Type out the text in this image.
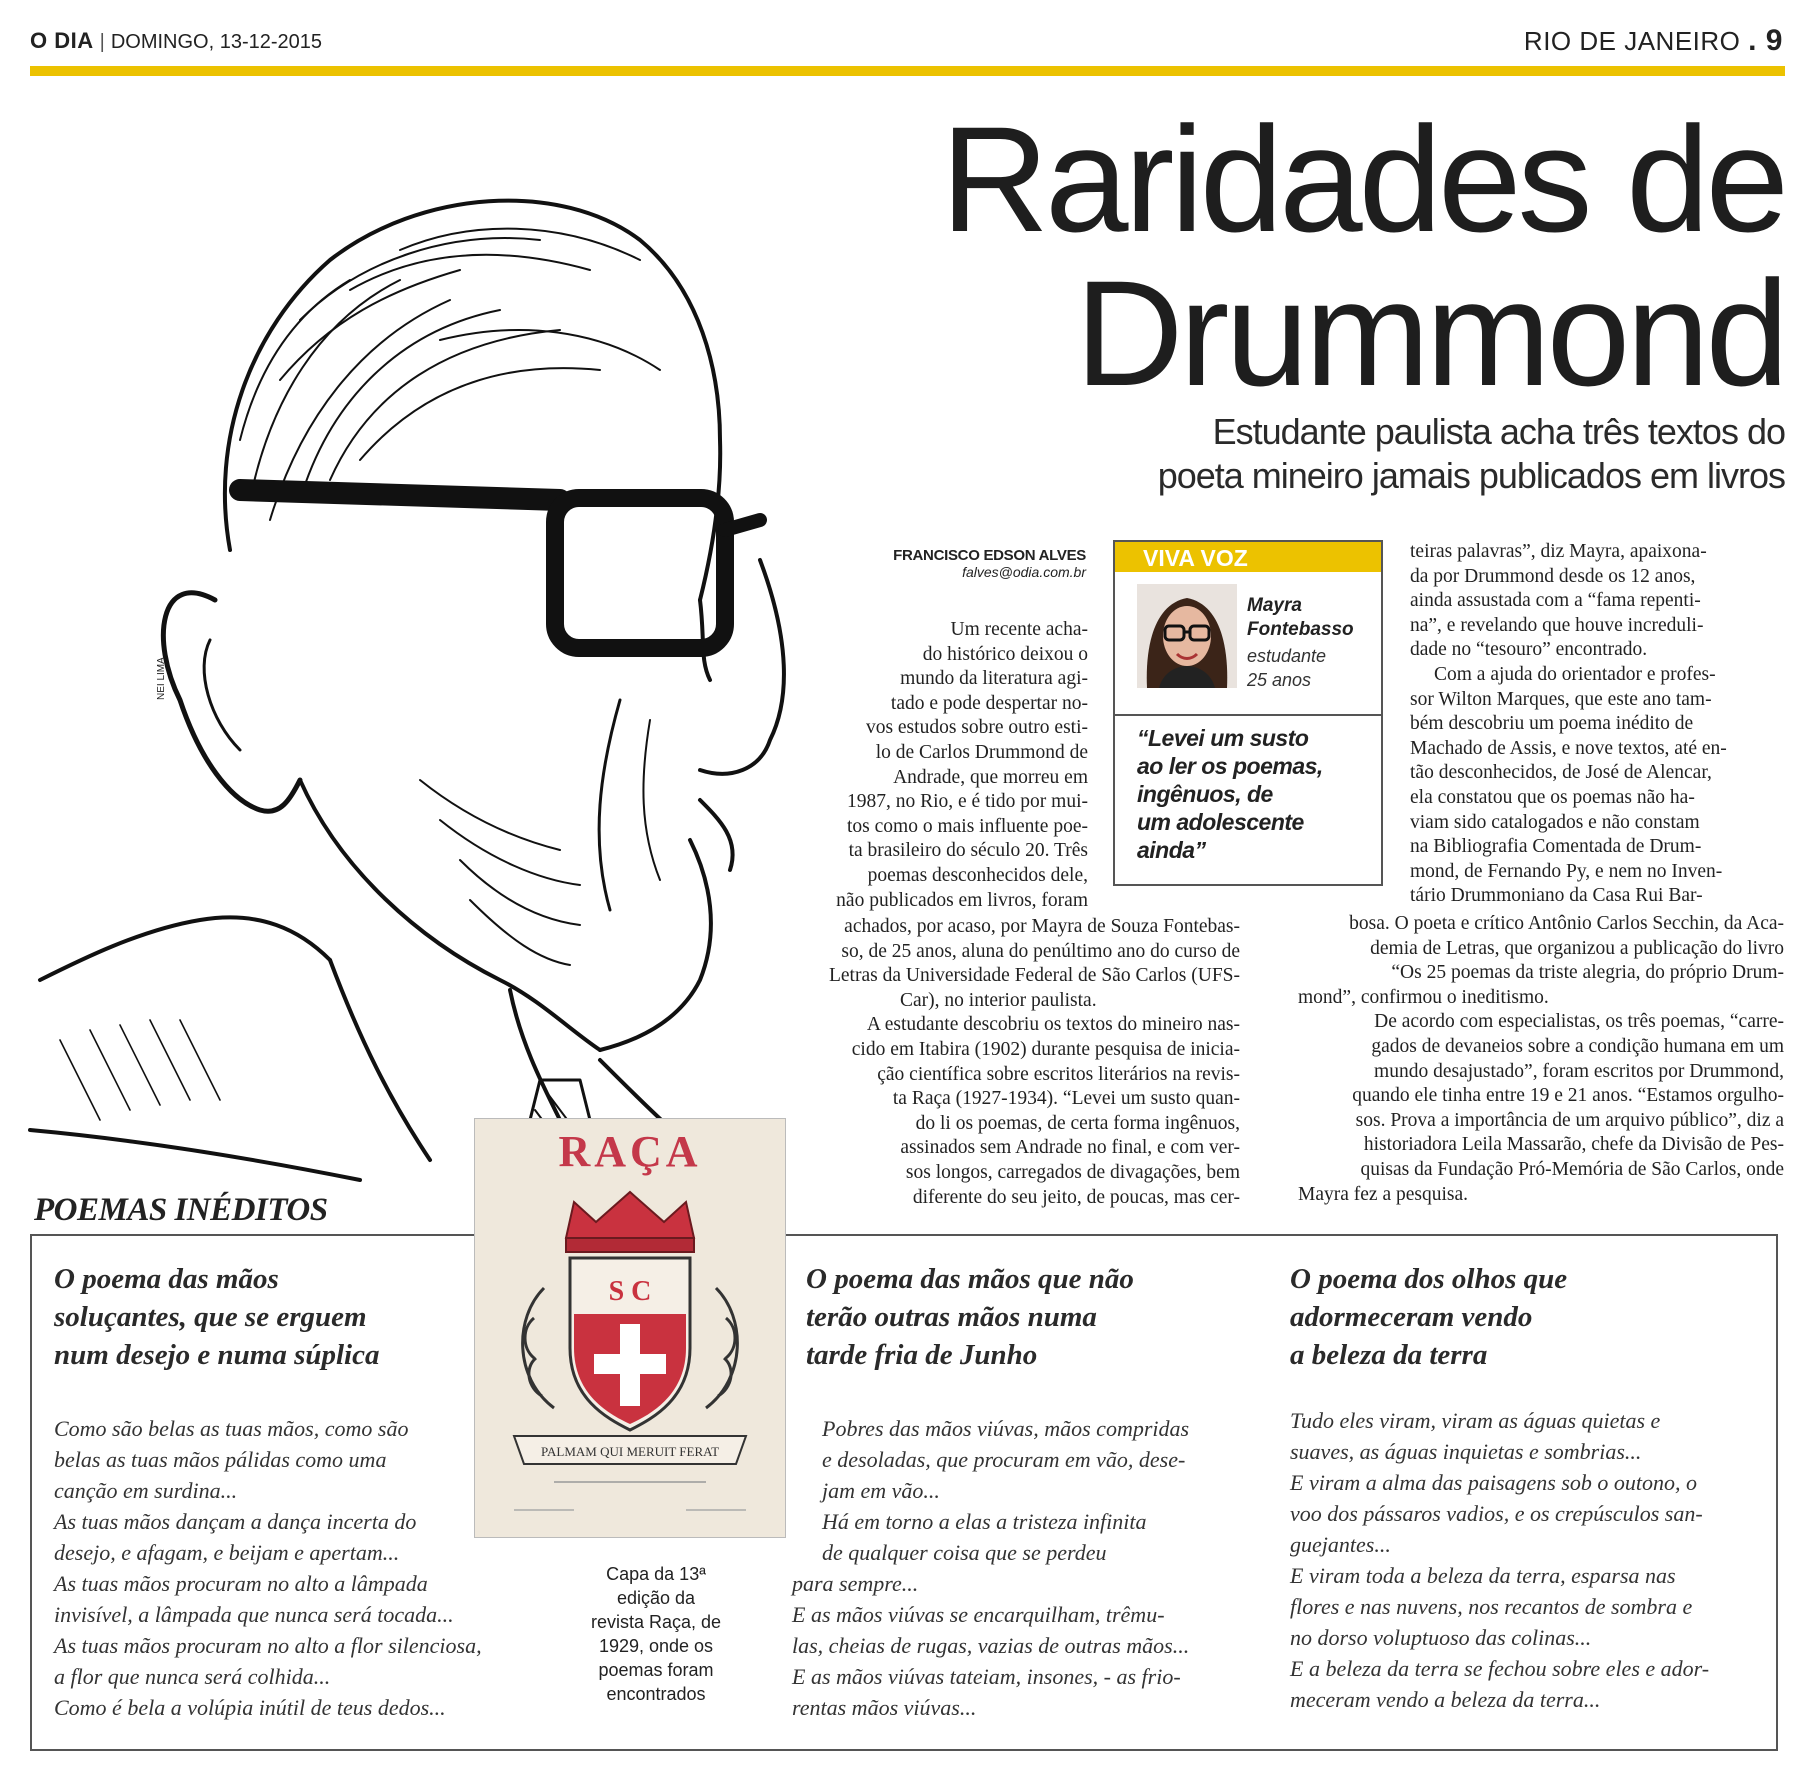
O DIA | DOMINGO, 13-12-2015	RIO DE JANEIRO . 9
NEI LIMA
Raridades de
Drummond
Estudante paulista acha três textos do
poeta mineiro jamais publicados em livros
FRANCISCO EDSON ALVES
falves@odia.com.br
VIVA VOZ
Mayra
Fontebasso
estudante
25 anos
“Levei um susto
ao ler os poemas,
ingênuos, de
um adolescente
ainda”
Um recente acha-
do histórico deixou o
mundo da literatura agi-
tado e pode despertar no-
vos estudos sobre outro esti-
lo de Carlos Drummond de
Andrade, que morreu em
1987, no Rio, e é tido por mui-
tos como o mais influente poe-
ta brasileiro do século 20. Três
poemas desconhecidos dele,
não publicados em livros, foram
achados, por acaso, por Mayra de Souza Fontebas-
so, de 25 anos, aluna do penúltimo ano do curso de
Letras da Universidade Federal de São Carlos (UFS-
Car), no interior paulista.
A estudante descobriu os textos do mineiro nas-
cido em Itabira (1902) durante pesquisa de inicia-
ção científica sobre escritos literários na revis-
ta Raça (1927-1934). “Levei um susto quan-
do li os poemas, de certa forma ingênuos,
assinados sem Andrade no final, e com ver-
sos longos, carregados de divagações, bem
diferente do seu jeito, de poucas, mas cer-
teiras palavras”, diz Mayra, apaixona-
da por Drummond desde os 12 anos,
ainda assustada com a “fama repenti-
na”, e revelando que houve increduli-
dade no “tesouro” encontrado.
Com a ajuda do orientador e profes-
sor Wilton Marques, que este ano tam-
bém descobriu um poema inédito de
Machado de Assis, e nove textos, até en-
tão desconhecidos, de José de Alencar,
ela constatou que os poemas não ha-
viam sido catalogados e não constam
na Bibliografia Comentada de Drum-
mond, de Fernando Py, e nem no Inven-
tário Drummoniano da Casa Rui Bar-
bosa. O poeta e crítico Antônio Carlos Secchin, da Aca-
demia de Letras, que organizou a publicação do livro
“Os 25 poemas da triste alegria, do próprio Drum-
mond”, confirmou o ineditismo.
De acordo com especialistas, os três poemas, “carre-
gados de devaneios sobre a condição humana em um
mundo desajustado”, foram escritos por Drummond,
quando ele tinha entre 19 e 21 anos. “Estamos orgulho-
sos. Prova a importância de um arquivo público”, diz a
historiadora Leila Massarão, chefe da Divisão de Pes-
quisas da Fundação Pró-Memória de São Carlos, onde
Mayra fez a pesquisa.
POEMAS INÉDITOS
O poema das mãos
soluçantes, que se erguem
num desejo e numa súplica
Como são belas as tuas mãos, como são
belas as tuas mãos pálidas como uma
canção em surdina...
As tuas mãos dançam a dança incerta do
desejo, e afagam, e beijam e apertam...
As tuas mãos procuram no alto a lâmpada
invisível, a lâmpada que nunca será tocada...
As tuas mãos procuram no alto a flor silenciosa,
a flor que nunca será colhida...
Como é bela a volúpia inútil de teus dedos...
O poema das mãos que não
terão outras mãos numa
tarde fria de Junho
Pobres das mãos viúvas, mãos compridas
e desoladas, que procuram em vão, dese-
jam em vão...
Há em torno a elas a tristeza infinita
de qualquer coisa que se perdeu
para sempre...
E as mãos viúvas se encarquilham, trêmu-
las, cheias de rugas, vazias de outras mãos...
E as mãos viúvas tateiam, insones, - as frio-
rentas mãos viúvas...
O poema dos olhos que
adormeceram vendo
a beleza da terra
Tudo eles viram, viram as águas quietas e
suaves, as águas inquietas e sombrias...
E viram a alma das paisagens sob o outono, o
voo dos pássaros vadios, e os crepúsculos san-
guejantes...
E viram toda a beleza da terra, esparsa nas
flores e nas nuvens, nos recantos de sombra e
no dorso voluptuoso das colinas...
E a beleza da terra se fechou sobre eles e ador-
meceram vendo a beleza da terra...
RAÇA
S C
PALMAM QUI MERUIT FERAT
Capa da 13ª
edição da
revista Raça, de
1929, onde os
poemas foram
encontrados
